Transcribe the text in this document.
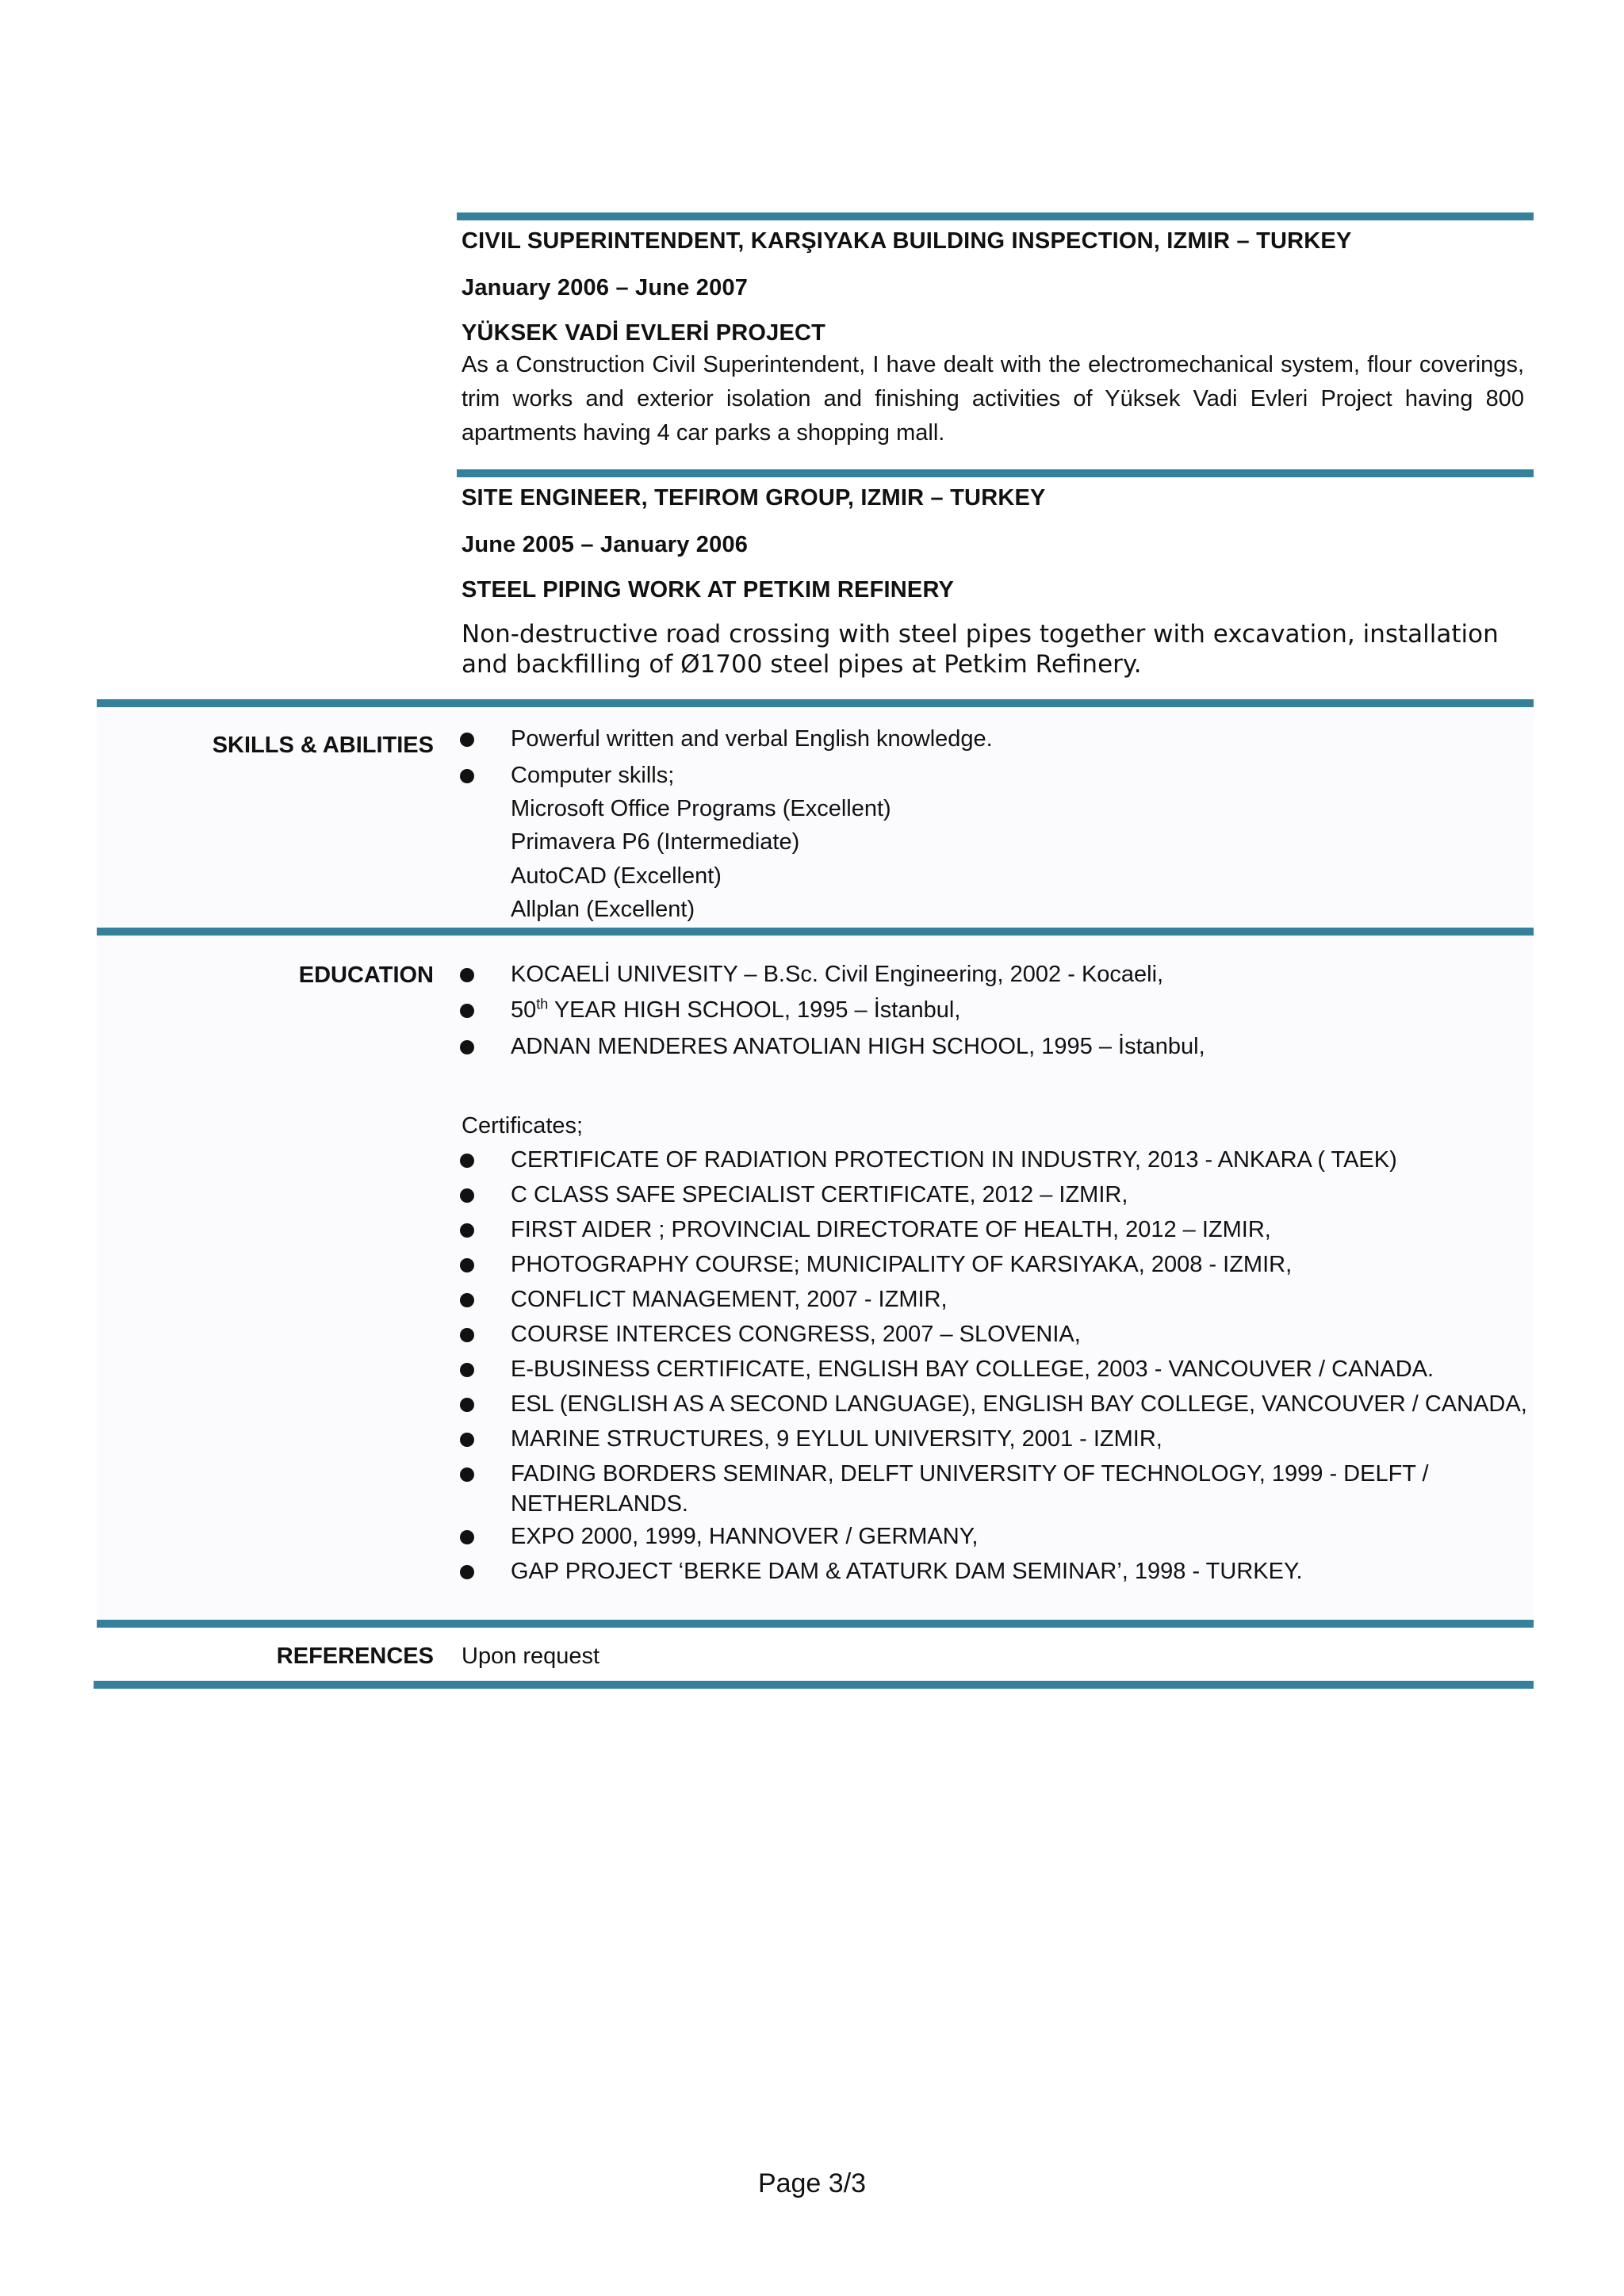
CIVIL SUPERINTENDENT, KARŞIYAKA BUILDING INSPECTION, IZMIR – TURKEY
January 2006 – June 2007
YÜKSEK VADİ EVLERİ PROJECT
As a Construction Civil Superintendent, I have dealt with the electromechanical system, flour coverings, trim works and exterior isolation and finishing activities of Yüksek Vadi Evleri Project having 800 apartments having 4 car parks a shopping mall.
SITE ENGINEER, TEFIROM GROUP, IZMIR – TURKEY
June 2005 – January 2006
STEEL PIPING WORK AT PETKIM REFINERY
Non-destructive road crossing with steel pipes together with excavation, installation and backfilling of Ø1700 steel pipes at Petkim Refinery.
SKILLS & ABILITIES	Powerful written and verbal English knowledge.
Computer skills;
Microsoft Office Programs (Excellent)
Primavera P6 (Intermediate)
AutoCAD (Excellent)
Allplan (Excellent)
EDUCATION	KOCAELİ UNIVESITY – B.Sc. Civil Engineering, 2002 - Kocaeli,
50th YEAR HIGH SCHOOL, 1995 – İstanbul,
ADNAN MENDERES ANATOLIAN HIGH SCHOOL, 1995 – İstanbul,
Certificates;
CERTIFICATE OF RADIATION PROTECTION IN INDUSTRY, 2013 - ANKARA ( TAEK)
C CLASS SAFE SPECIALIST CERTIFICATE, 2012 – IZMIR,
FIRST AIDER ; PROVINCIAL DIRECTORATE OF HEALTH, 2012 – IZMIR,
PHOTOGRAPHY COURSE; MUNICIPALITY OF KARSIYAKA, 2008 - IZMIR,
CONFLICT MANAGEMENT, 2007 - IZMIR,
COURSE INTERCES CONGRESS, 2007 – SLOVENIA,
E-BUSINESS CERTIFICATE, ENGLISH BAY COLLEGE, 2003 - VANCOUVER / CANADA.
ESL (ENGLISH AS A SECOND LANGUAGE), ENGLISH BAY COLLEGE, VANCOUVER / CANADA,
MARINE STRUCTURES, 9 EYLUL UNIVERSITY, 2001 - IZMIR,
FADING BORDERS SEMINAR, DELFT UNIVERSITY OF TECHNOLOGY, 1999 - DELFT /
NETHERLANDS.
EXPO 2000, 1999, HANNOVER / GERMANY,
GAP PROJECT ‘BERKE DAM & ATATURK DAM SEMINAR’, 1998 - TURKEY.
REFERENCES Upon request
Page 3/3
